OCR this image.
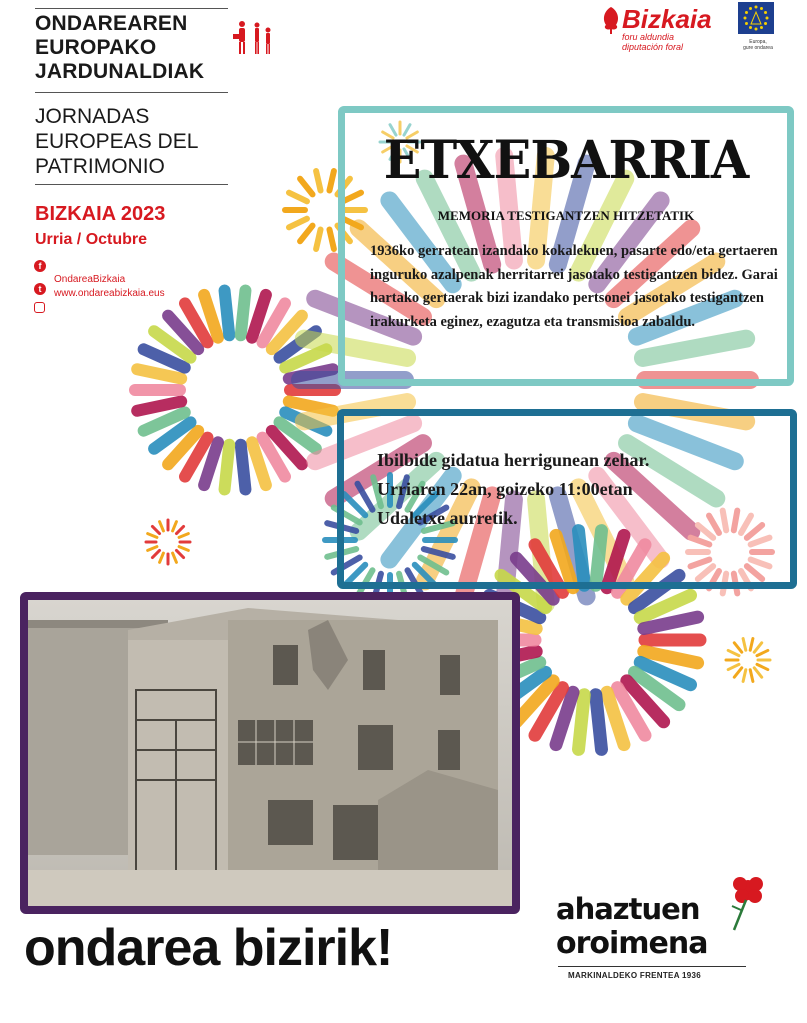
ONDAREAREN
EUROPAKO
JARDUNALDIAK
JORNADAS
EUROPEAS DEL
PATRIMONIO
BIZKAIA 2023
Urria / Octubre
f
OndareaBizkaia
t	www.ondareabizkaia.eus
Bizkaia
foru aldundia
diputación foral	Europa,
gure ondarea
ETXEBARRIA
MEMORIA TESTIGANTZEN HITZETATIK
1936ko gerratean izandako kokalekuen, pasarte edo/eta gertaeren inguruko azalpenak herritarrei jasotako testigantzen bidez. Garai hartako gertaerak bizi izandako pertsonei jasotako testigantzen irakurketa eginez, ezagutza eta transmisioa zabaldu.
Ibilbide gidatua herrigunean zehar.
Urriaren 22an, goizeko 11:00etan
Udaletxe aurretik.
ondarea bizirik!
ahaztuen
oroimena
MARKINALDEKO FRENTEA 1936
